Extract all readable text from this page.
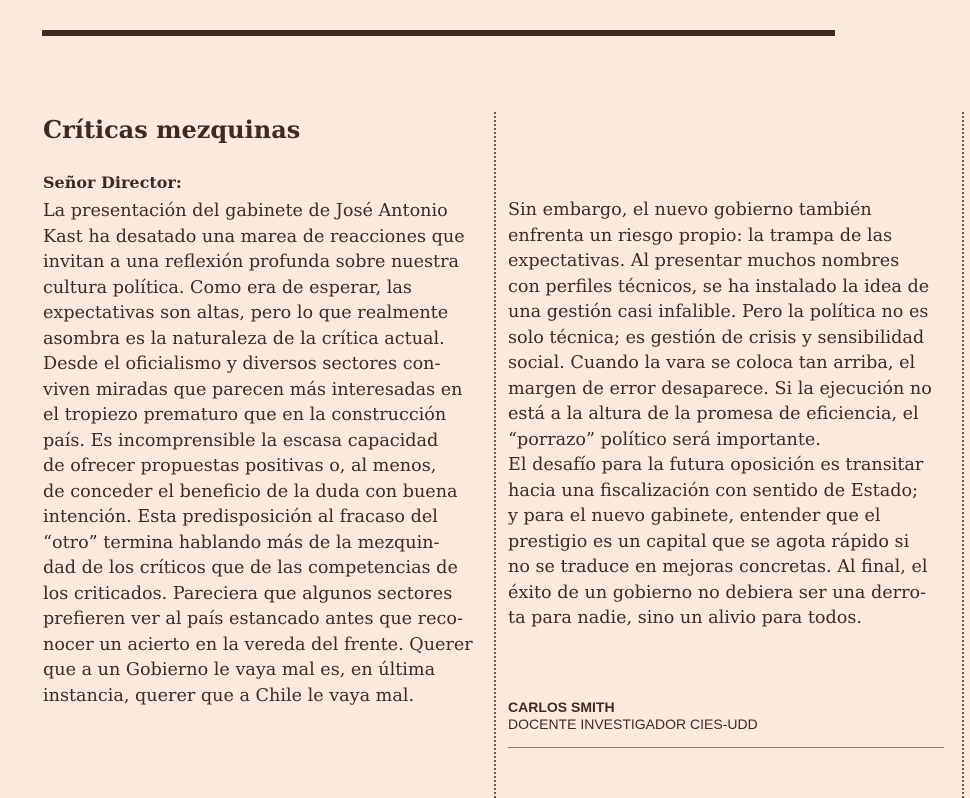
Críticas mezquinas
Señor Director:
La presentación del gabinete de José Antonio
Kast ha desatado una marea de reacciones que
invitan a una reflexión profunda sobre nuestra
cultura política. Como era de esperar, las
expectativas son altas, pero lo que realmente
asombra es la naturaleza de la crítica actual.
Desde el oficialismo y diversos sectores con-
viven miradas que parecen más interesadas en
el tropiezo prematuro que en la construcción
país. Es incomprensible la escasa capacidad
de ofrecer propuestas positivas o, al menos,
de conceder el beneficio de la duda con buena
intención. Esta predisposición al fracaso del
“otro” termina hablando más de la mezquin-
dad de los críticos que de las competencias de
los criticados. Pareciera que algunos sectores
prefieren ver al país estancado antes que reco-
nocer un acierto en la vereda del frente. Querer
que a un Gobierno le vaya mal es, en última
instancia, querer que a Chile le vaya mal.
Sin embargo, el nuevo gobierno también
enfrenta un riesgo propio: la trampa de las
expectativas. Al presentar muchos nombres
con perfiles técnicos, se ha instalado la idea de
una gestión casi infalible. Pero la política no es
solo técnica; es gestión de crisis y sensibilidad
social. Cuando la vara se coloca tan arriba, el
margen de error desaparece. Si la ejecución no
está a la altura de la promesa de eficiencia, el
“porrazo” político será importante.
El desafío para la futura oposición es transitar
hacia una fiscalización con sentido de Estado;
y para el nuevo gabinete, entender que el
prestigio es un capital que se agota rápido si
no se traduce en mejoras concretas. Al final, el
éxito de un gobierno no debiera ser una derro-
ta para nadie, sino un alivio para todos.
CARLOS SMITH
DOCENTE INVESTIGADOR CIES-UDD
